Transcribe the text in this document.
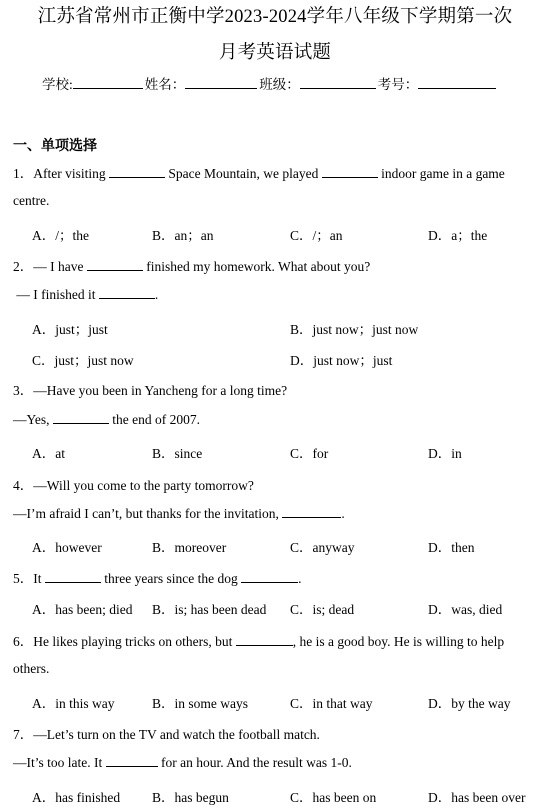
江苏省常州市正衡中学2023-2024学年八年级下学期第一次
月考英语试题
学校:	姓名：	班级：	考号：
一、单项选择
1．After visiting	Space Mountain, we played	indoor game in a game
centre.
A．/；the	B．an；an	C．/；an	D．a；the
2．— I have	finished my homework. What about you?
— I finished it	.
A．just；just	B．just now；just now
C．just；just now	D．just now；just
3．—Have you been in Yancheng for a long time?
—Yes,	the end of 2007.
A．at	B．since	C．for	D．in
4．—Will you come to the party tomorrow?
—I’m afraid I can’t, but thanks for the invitation,	.
A．however	B．moreover	C．anyway	D．then
5．It	three years since the dog	.
A．has been; died B．is; has been dead C．is; dead	D．was, died
6．He likes playing tricks on others, but	, he is a good boy. He is willing to help
others.
A．in this way	B．in some ways	C．in that way	D．by the way
7．—Let’s turn on the TV and watch the football match.
—It’s too late. It	for an hour. And the result was 1-0.
A．has finished B．has begun	C．has been on	D．has been over
